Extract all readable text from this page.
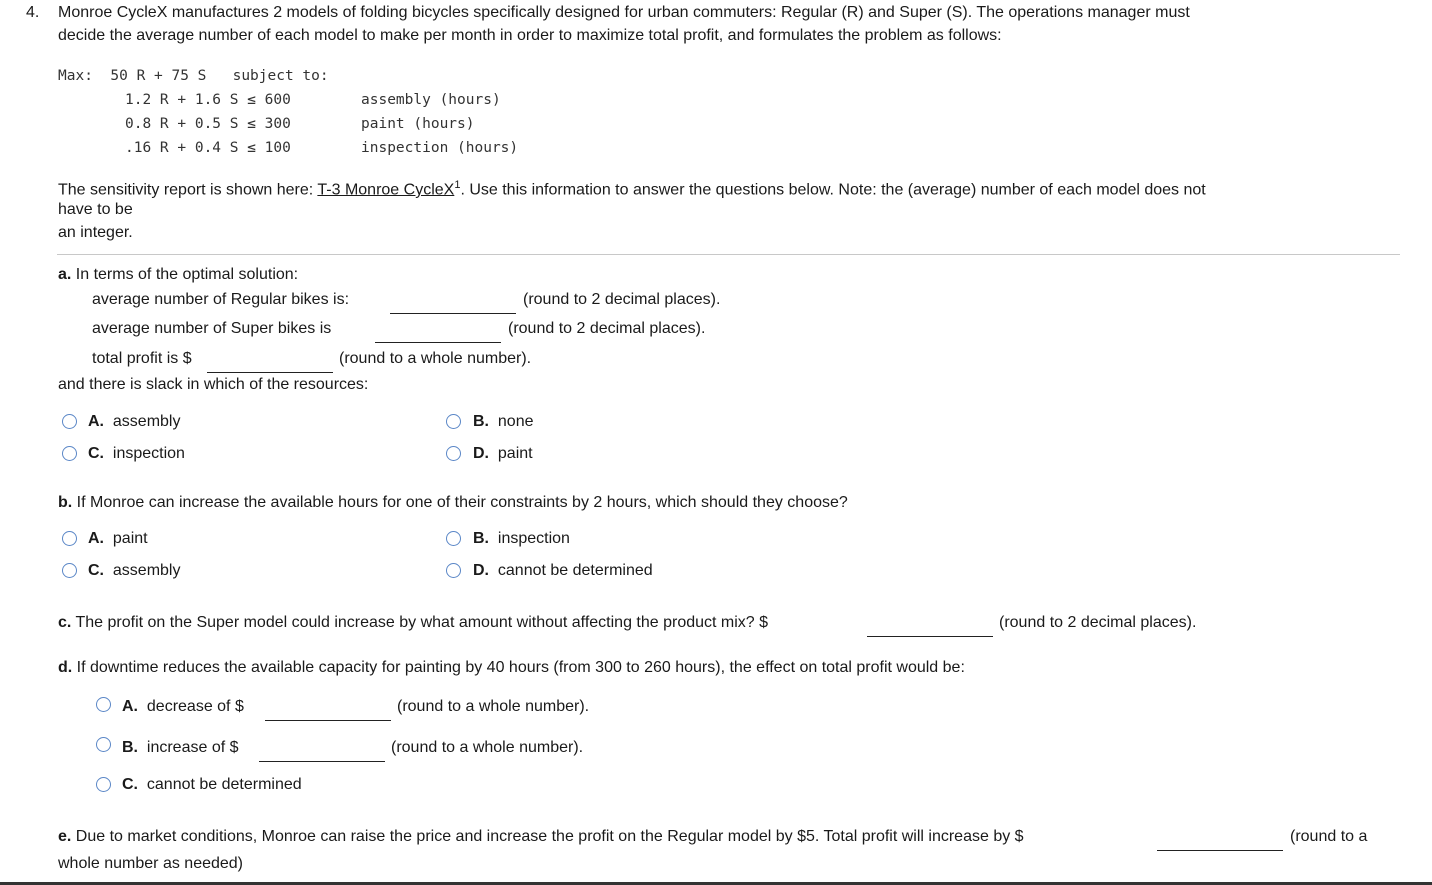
4. Monroe CycleX manufactures 2 models of folding bicycles specifically designed for urban commuters: Regular (R) and Super (S). The operations manager must
decide the average number of each model to make per month in order to maximize total profit, and formulates the problem as follows:
Max:  50 R + 75 S   subject to:
1.2 R + 1.6 S ≤ 600	assembly (hours)
0.8 R + 0.5 S ≤ 300	paint (hours)
.16 R + 0.4 S ≤ 100	inspection (hours)
The sensitivity report is shown here: T-3 Monroe CycleX$^1$. Use this information to answer the questions below. Note: the (average) number of each model does not
have to be
an integer.
a. In terms of the optimal solution:
average number of Regular bikes is:	(round to 2 decimal places).
average number of Super bikes is	(round to 2 decimal places).
total profit is $	(round to a whole number).
and there is slack in which of the resources:
A. assembly	B. none
C. inspection	D. paint
b. If Monroe can increase the available hours for one of their constraints by 2 hours, which should they choose?
A. paint	B. inspection
C. assembly	D. cannot be determined
c. The profit on the Super model could increase by what amount without affecting the product mix? $	(round to 2 decimal places).
d. If downtime reduces the available capacity for painting by 40 hours (from 300 to 260 hours), the effect on total profit would be:
A. decrease of $	(round to a whole number).
B. increase of $	(round to a whole number).
C. cannot be determined
e. Due to market conditions, Monroe can raise the price and increase the profit on the Regular model by $5. Total profit will increase by $	(round to a
whole number as needed)
